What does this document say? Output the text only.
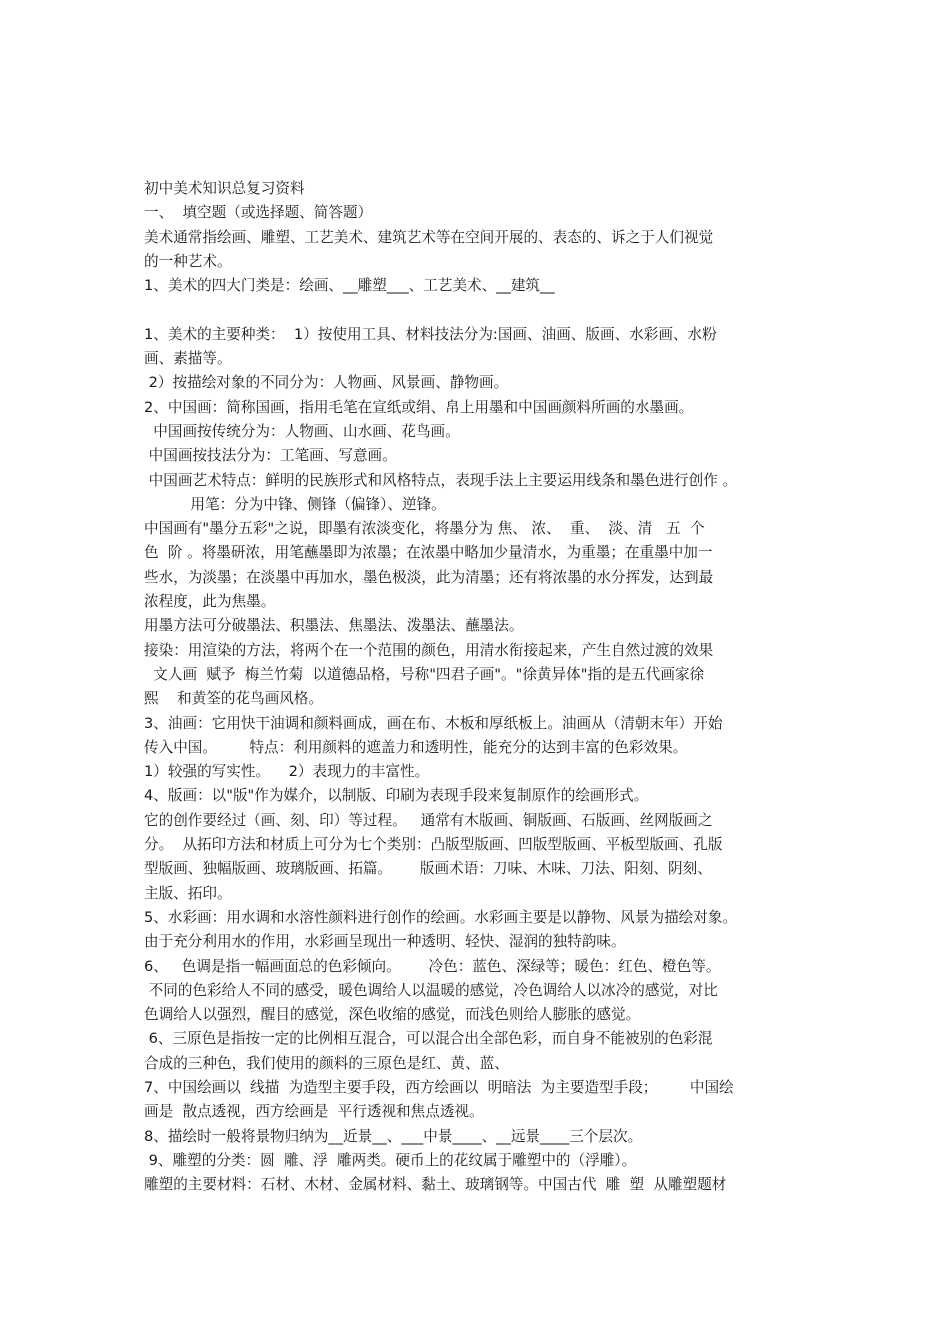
初中美术知识总复习资料
一、  填空题（或选择题、简答题）
美术通常指绘画、雕塑、工艺美术、建筑艺术等在空间开展的、表态的、诉之于人们视觉
的一种艺术。
1、美术的四大门类是：绘画、__雕塑___、工艺美术、__建筑__
1、美术的主要种类：  1）按使用工具、材料技法分为:国画、油画、版画、水彩画、水粉
画、素描等。
2）按描绘对象的不同分为：人物画、风景画、静物画。
2、中国画：简称国画，指用毛笔在宣纸或绢、帛上用墨和中国画颜料所画的水墨画。
中国画按传统分为：人物画、山水画、花鸟画。
中国画按技法分为：工笔画、写意画。
中国画艺术特点：鲜明的民族形式和风格特点，表现手法上主要运用线条和墨色进行创作 。
用笔：分为中锋、侧锋（偏锋）、逆锋。
中国画有"墨分五彩"之说，即墨有浓淡变化，将墨分为 焦、 浓、  重、  淡、清   五  个
色  阶 。将墨研浓，用笔蘸墨即为浓墨；在浓墨中略加少量清水，为重墨；在重墨中加一
些水，为淡墨；在淡墨中再加水，墨色极淡，此为清墨；还有将浓墨的水分挥发，达到最
浓程度，此为焦墨。
用墨方法可分破墨法、积墨法、焦墨法、泼墨法、蘸墨法。
接染：用渲染的方法，将两个在一个范围的颜色，用清水衔接起来，产生自然过渡的效果
文人画  赋予  梅兰竹菊  以道德品格，号称"四君子画"。"徐黄异体"指的是五代画家徐
熙    和黄筌的花鸟画风格。
3、油画：它用快干油调和颜料画成，画在布、木板和厚纸板上。油画从（清朝末年）开始
传入中国。       特点：利用颜料的遮盖力和透明性，能充分的达到丰富的色彩效果。
1）较强的写实性。    2）表现力的丰富性。
4、版画：以"版"作为媒介，以制版、印刷为表现手段来复制原作的绘画形式。
它的创作要经过（画、刻、印）等过程。   通常有木版画、铜版画、石版画、丝网版画之
分。  从拓印方法和材质上可分为七个类别：凸版型版画、凹版型版画、平板型版画、孔版
型版画、独幅版画、玻璃版画、拓篇。      版画术语：刀味、木味、刀法、阳刻、阴刻、
主版、拓印。
5、水彩画：用水调和水溶性颜料进行创作的绘画。水彩画主要是以静物、风景为描绘对象。
由于充分利用水的作用，水彩画呈现出一种透明、轻快、湿润的独特韵味。
6、   色调是指一幅画面总的色彩倾向。      冷色：蓝色、深绿等；暖色：红色、橙色等。
不同的色彩给人不同的感受，暖色调给人以温暖的感觉，冷色调给人以冰冷的感觉，对比
色调给人以强烈，醒目的感觉，深色收缩的感觉，而浅色则给人膨胀的感觉。
6、三原色是指按一定的比例相互混合，可以混合出全部色彩，而自身不能被别的色彩混
合成的三种色，我们使用的颜料的三原色是红、黄、蓝、
7、中国绘画以  线描  为造型主要手段，西方绘画以  明暗法  为主要造型手段；       中国绘
画是  散点透视，西方绘画是  平行透视和焦点透视。
8、描绘时一般将景物归纳为__近景__、___中景____、__远景____三个层次。
9、雕塑的分类：圆  雕、浮  雕两类。硬币上的花纹属于雕塑中的（浮雕）。
雕塑的主要材料：石材、木材、金属材料、黏土、玻璃钢等。中国古代  雕  塑  从雕塑题材
